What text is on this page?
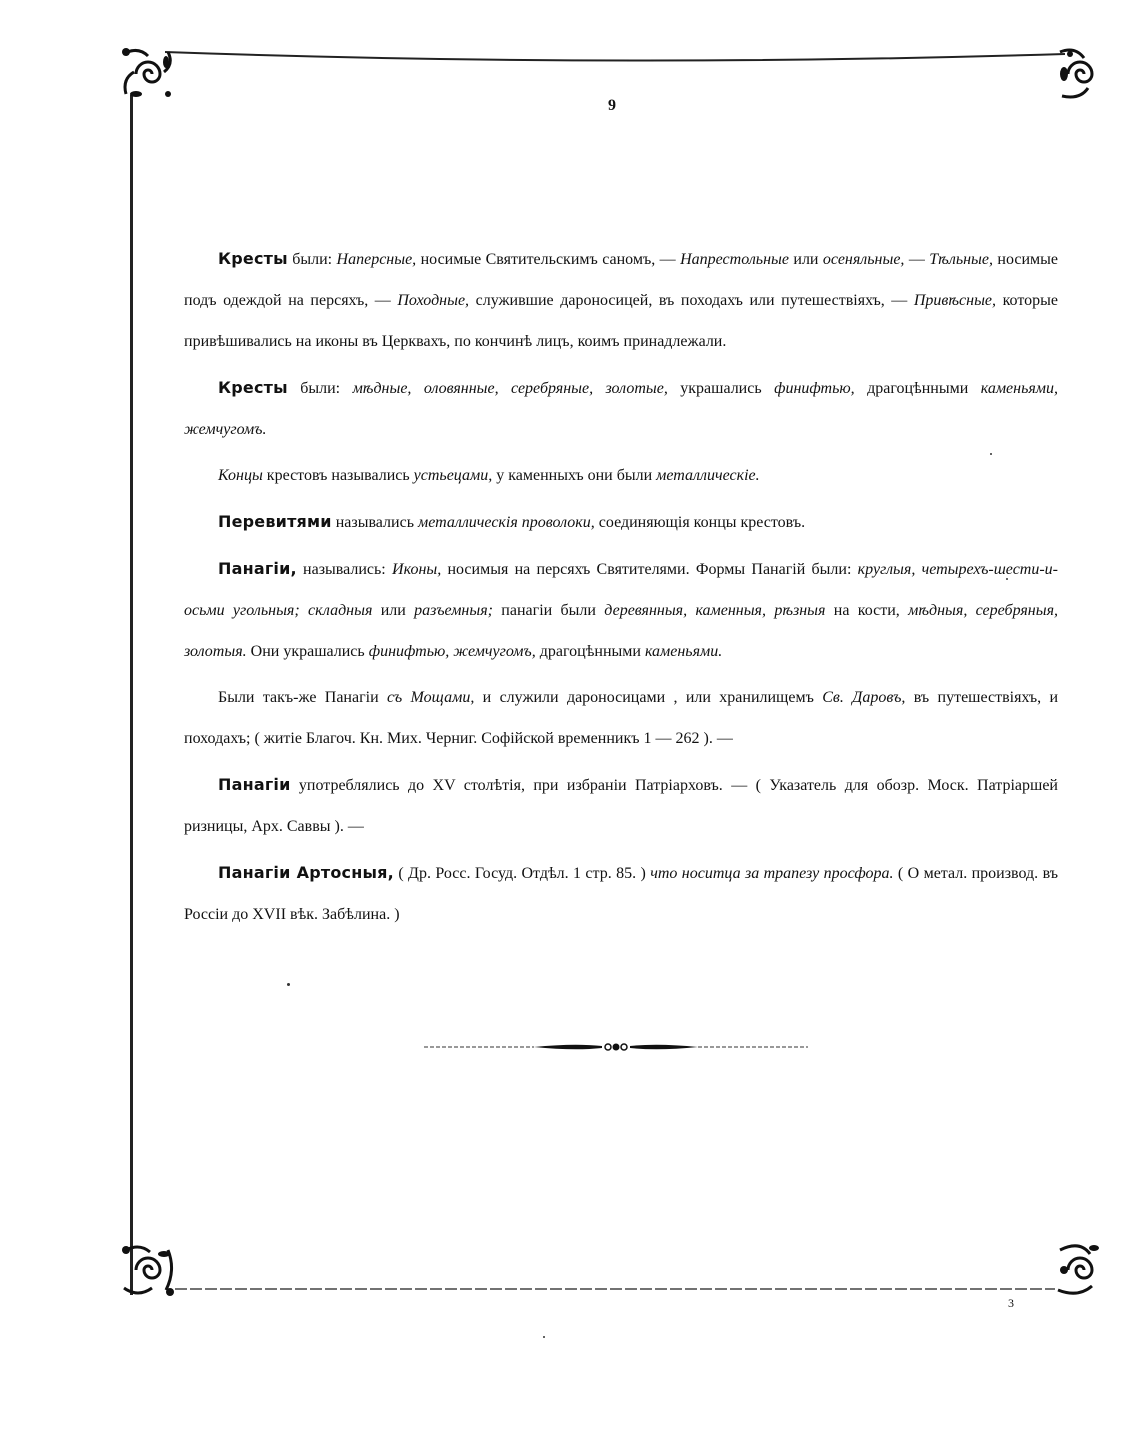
9
3

Кресты были: Наперсные, носимые Святительскимъ саномъ, — Напрестольные или осеняльные, — Тѣльные, носимые подъ одеждой на персяхъ, — Походные, служившие дароносицей, въ походахъ или путешествіяхъ, — Привѣсные, которые привѣшивались на иконы въ Церквахъ, по кончинѣ лицъ, коимъ принадлежали.

Кресты были: мѣдные, оловянные, серебряные, золотые, украшались финифтью, драгоцѣнными каменьями, жемчугомъ.

Концы крестовъ назывались устьецами, у каменныхъ они были металлическіе.

Перевитями назывались металлическія проволоки, соединяющія концы крестовъ.

Панагіи, назывались: Иконы, носимыя на персяхъ Святителями. Формы Панагій были: круглыя, четырехъ-шести-и-осьми угольныя; складныя или разъемныя; панагіи были деревянныя, каменныя, рѣзныя на кости, мѣдныя, серебряныя, золотыя. Они украшались финифтью, жемчугомъ, драгоцѣнными каменьями.

Были такъ-же Панагіи съ Мощами, и служили дароносицами , или хранилищемъ Св. Даровъ, въ путешествіяхъ, и походахъ; ( житіе Благоч. Кн. Мих. Черниг. Софійской временникъ 1 — 262 ). —

Панагіи употреблялись до XV столѣтія, при избраніи Патріарховъ. — ( Указатель для обозр. Моск. Патріаршей ризницы, Арх. Саввы ). —

Панагіи Артосныя, ( Др. Росс. Госуд. Отдѣл. 1 стр. 85. ) что носитца за трапезу просфора. ( О метал. производ. въ Россіи до XVII вѣк. Забѣлина. )
